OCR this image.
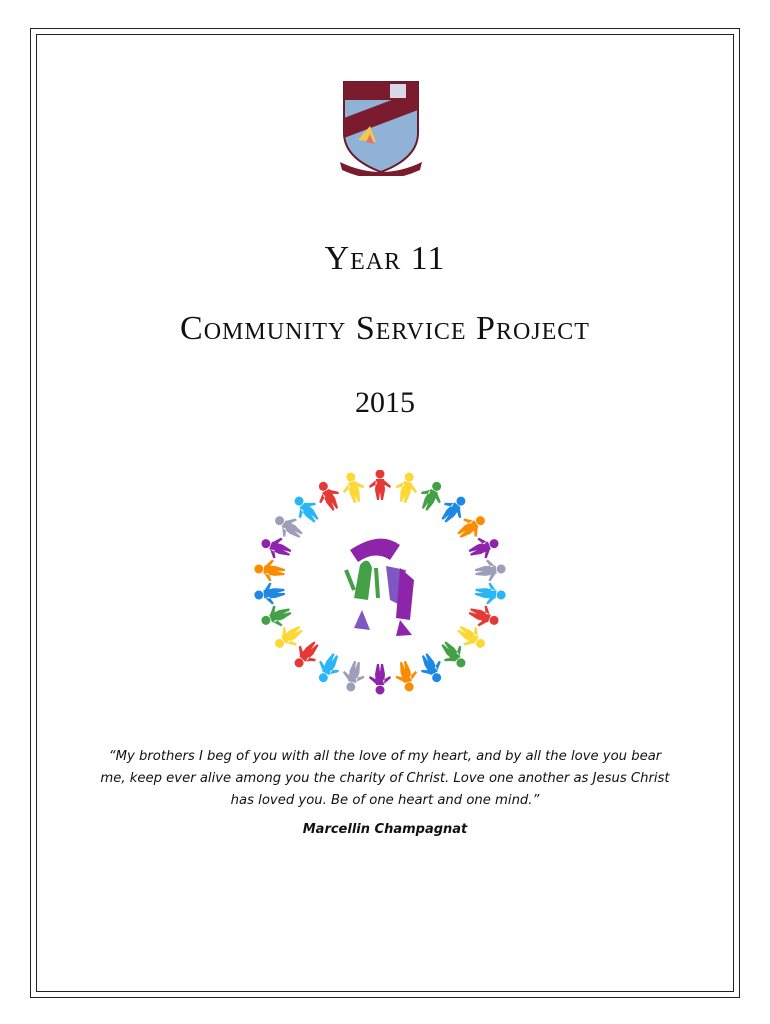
Year 11
Community Service Project
2015
“My brothers I beg of you with all the love of my heart, and by all the love you bear me, keep ever alive among you the charity of Christ. Love one another as Jesus Christ has loved you. Be of one heart and one mind.”
Marcellin Champagnat
